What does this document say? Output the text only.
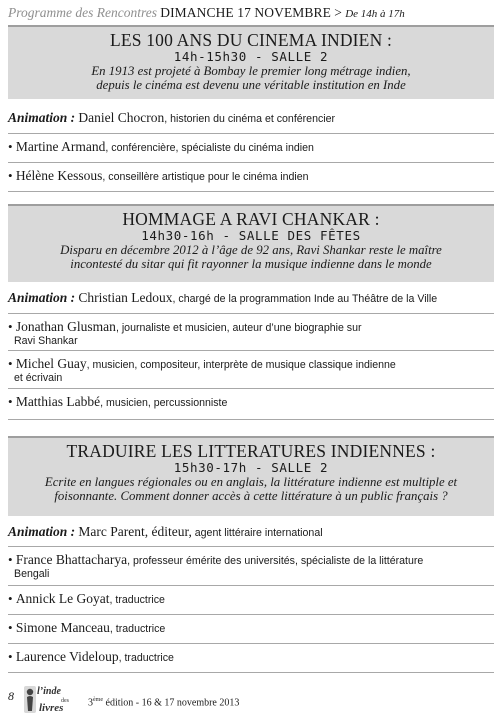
Programme des Rencontres DIMANCHE 17 NOVEMBRE > De 14h à 17h
LES 100 ANS DU CINEMA INDIEN :
14h-15h30 - SALLE 2
En 1913 est projeté à Bombay le premier long métrage indien,
depuis le cinéma est devenu une véritable institution en Inde
Animation : Daniel Chocron, historien du cinéma et conférencier
• Martine Armand, conférencière, spécialiste du cinéma indien
• Hélène Kessous, conseillère artistique pour le cinéma indien
HOMMAGE A RAVI CHANKAR :
14h30-16h - SALLE DES FÊTES
Disparu en décembre 2012 à l’âge de 92 ans, Ravi Shankar reste le maître
incontesté du sitar qui fit rayonner la musique indienne dans le monde
Animation : Christian Ledoux, chargé de la programmation Inde au Théâtre de la Ville
• Jonathan Glusman, journaliste et musicien, auteur d’une biographie sur
Ravi Shankar
• Michel Guay, musicien, compositeur, interprète de musique classique indienne
et écrivain
• Matthias Labbé, musicien, percussionniste
TRADUIRE LES LITTERATURES INDIENNES :
15h30-17h - SALLE 2
Ecrite en langues régionales ou en anglais, la littérature indienne est multiple et
foisonnante. Comment donner accès à cette littérature à un public français ?
Animation : Marc Parent, éditeur, agent littéraire international
• France Bhattacharya, professeur émérite des universités, spécialiste de la littérature
Bengali
• Annick Le Goyat, traductrice
• Simone Manceau, traductrice
• Laurence Videloup, traductrice
8 l’inde
des
livres 3ème édition - 16 & 17 novembre 2013
